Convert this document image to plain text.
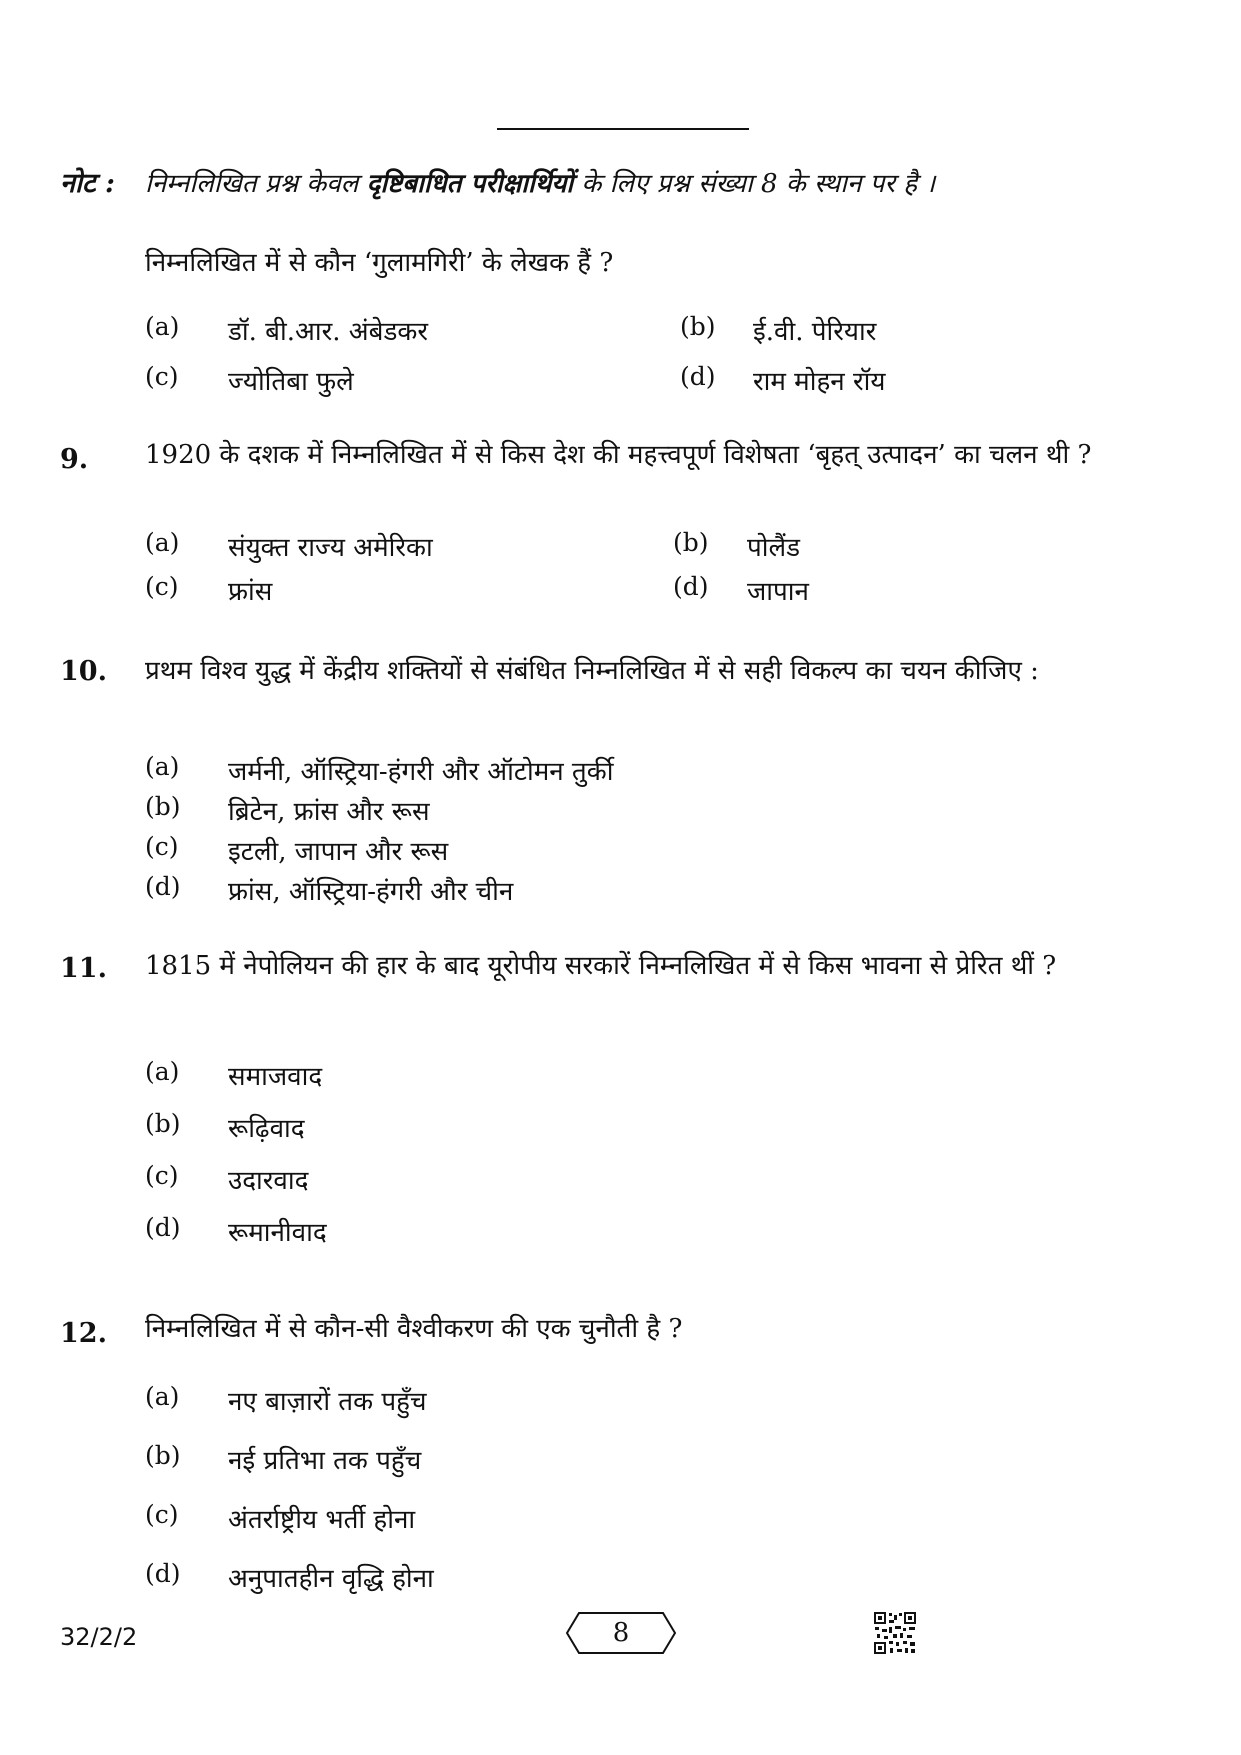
नोट : निम्नलिखित प्रश्न केवल दृष्टिबाधित परीक्षार्थियों के लिए प्रश्न संख्या 8 के स्थान पर है ।
निम्नलिखित में से कौन ‘गुलामगिरी’ के लेखक हैं ?
(a) डॉ. बी.आर. अंबेडकर	(b) ई.वी. पेरियार
(c) ज्योतिबा फुले	(d) राम मोहन रॉय
9. 1920 के दशक में निम्नलिखित में से किस देश की महत्त्वपूर्ण विशेषता ‘बृहत् उत्पादन’ का चलन थी ?
(a) संयुक्त राज्य अमेरिका	(b) पोलैंड
(c) फ्रांस	(d) जापान
10. प्रथम विश्व युद्ध में केंद्रीय शक्तियों से संबंधित निम्नलिखित में से सही विकल्प का चयन कीजिए :
(a) जर्मनी, ऑस्ट्रिया-हंगरी और ऑटोमन तुर्की
(b) ब्रिटेन, फ्रांस और रूस
(c) इटली, जापान और रूस
(d) फ्रांस, ऑस्ट्रिया-हंगरी और चीन
11. 1815 में नेपोलियन की हार के बाद यूरोपीय सरकारें निम्नलिखित में से किस भावना से प्रेरित थीं ?
(a) समाजवाद
(b) रूढ़िवाद
(c) उदारवाद
(d) रूमानीवाद
12. निम्नलिखित में से कौन-सी वैश्वीकरण की एक चुनौती है ?
(a) नए बाज़ारों तक पहुँच
(b) नई प्रतिभा तक पहुँच
(c) अंतर्राष्ट्रीय भर्ती होना
(d) अनुपातहीन वृद्धि होना
32/2/2	8
